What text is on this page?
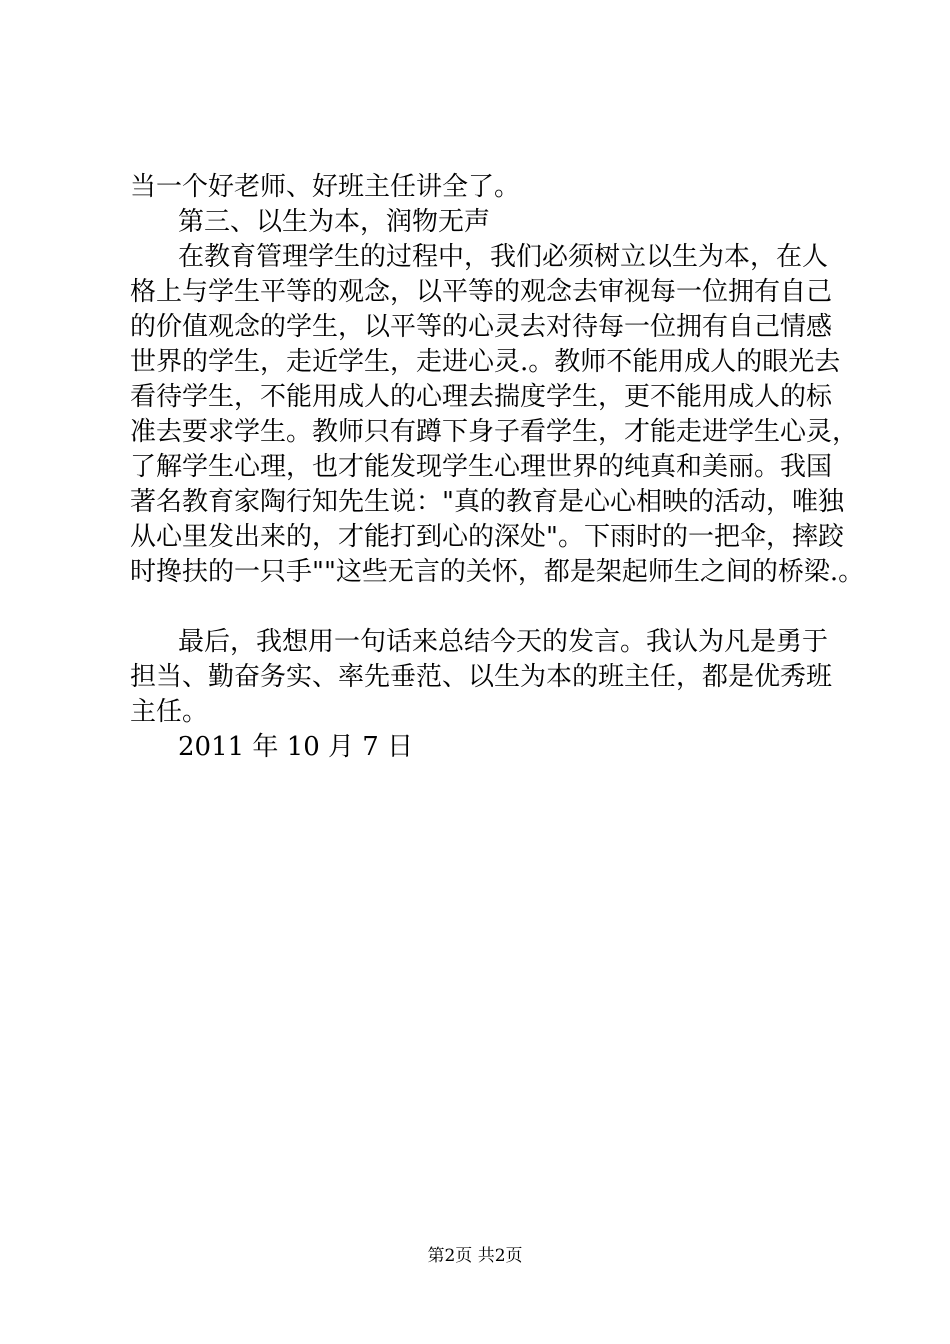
当一个好老师、好班主任讲全了。
第三、以生为本，润物无声
在教育管理学生的过程中，我们必须树立以生为本，在人
格上与学生平等的观念，以平等的观念去审视每一位拥有自己
的价值观念的学生，以平等的心灵去对待每一位拥有自己情感
世界的学生，走近学生，走进心灵.。教师不能用成人的眼光去
看待学生，不能用成人的心理去揣度学生，更不能用成人的标
准去要求学生。教师只有蹲下身子看学生，才能走进学生心灵，
了解学生心理，也才能发现学生心理世界的纯真和美丽。我国
著名教育家陶行知先生说："真的教育是心心相映的活动，唯独
从心里发出来的，才能打到心的深处"。下雨时的一把伞，摔跤
时搀扶的一只手""这些无言的关怀，都是架起师生之间的桥梁.。
最后，我想用一句话来总结今天的发言。我认为凡是勇于
担当、勤奋务实、率先垂范、以生为本的班主任，都是优秀班
主任。
2011 年 10 月 7 日
第2页 共2页
